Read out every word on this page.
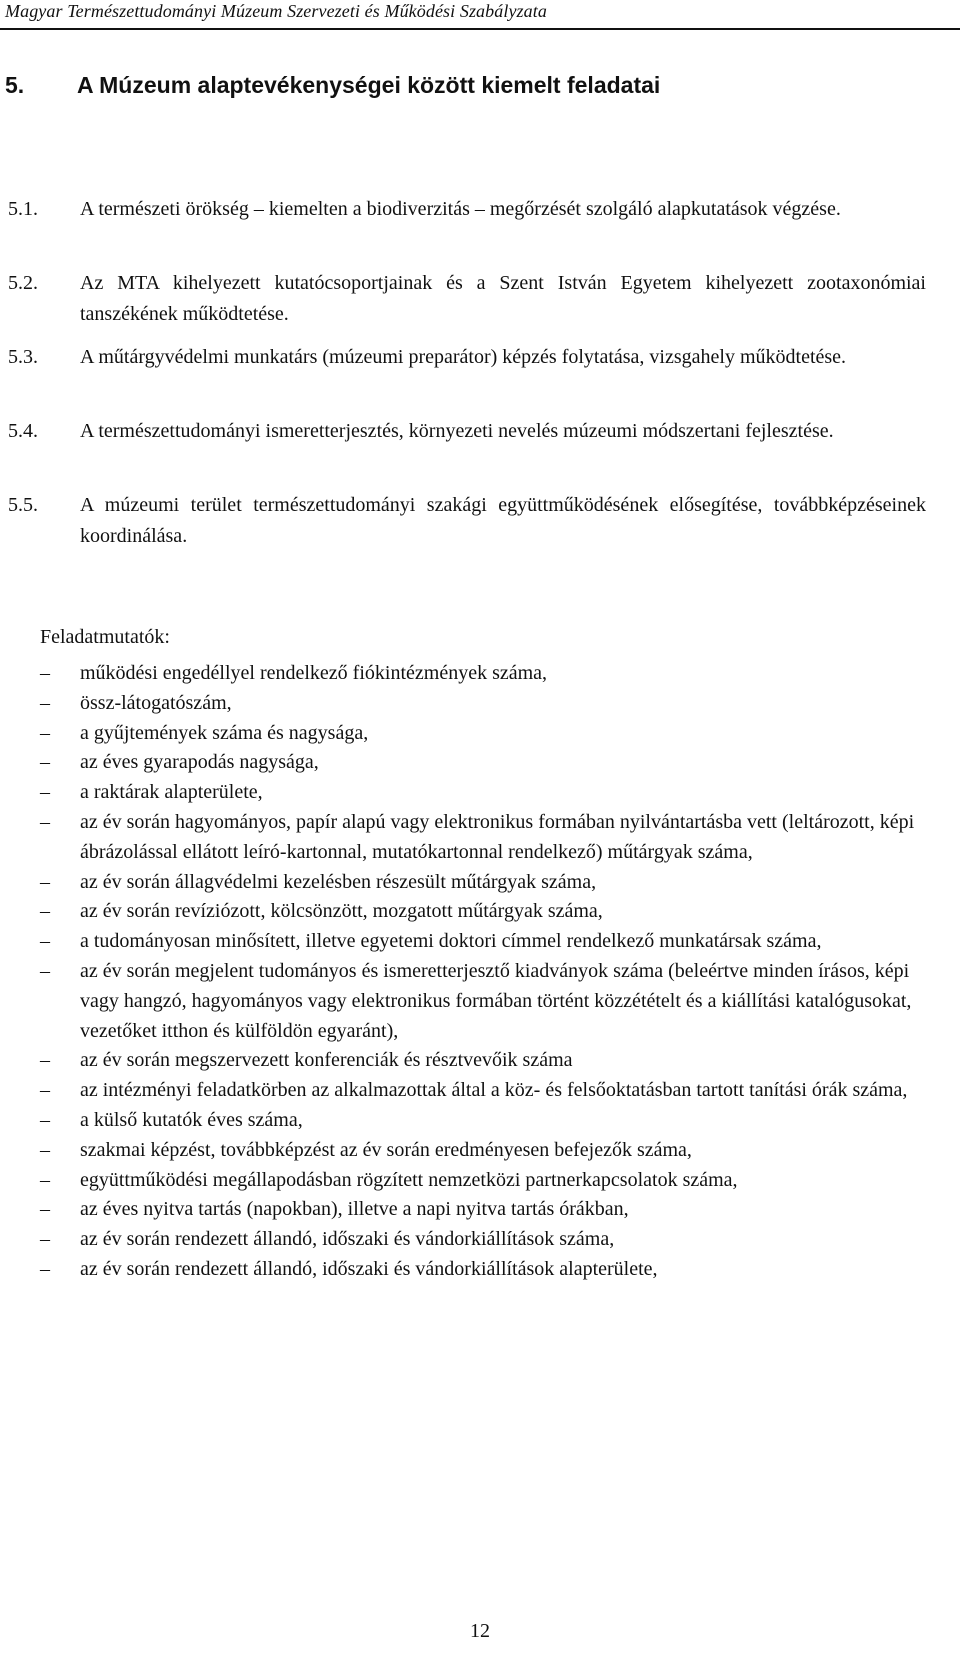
Magyar Természettudományi Múzeum Szervezeti és Működési Szabályzata
5. A Múzeum alaptevékenységei között kiemelt feladatai
5.1.	A természeti örökség – kiemelten a biodiverzitás – megőrzését szolgáló alapkutatások végzése.
5.2.	Az MTA kihelyezett kutatócsoportjainak és a Szent István Egyetem kihelyezett zootaxonómiai tanszékének működtetése.
5.3.	A műtárgyvédelmi munkatárs (múzeumi preparátor) képzés folytatása, vizsgahely működtetése.
5.4.	A természettudományi ismeretterjesztés, környezeti nevelés múzeumi módszertani fejlesztése.
5.5.	A múzeumi terület természettudományi szakági együttműködésének elősegítése, továbbképzéseinek koordinálása.
Feladatmutatók:
– működési engedéllyel rendelkező fiókintézmények száma,
– össz-látogatószám,
– a gyűjtemények száma és nagysága,
– az éves gyarapodás nagysága,
– a raktárak alapterülete,
– az év során hagyományos, papír alapú vagy elektronikus formában nyilvántartásba vett (leltározott, képi ábrázolással ellátott leíró-kartonnal, mutatókartonnal rendelkező) műtárgyak száma,
– az év során állagvédelmi kezelésben részesült műtárgyak száma,
– az év során revíziózott, kölcsönzött, mozgatott műtárgyak száma,
– a tudományosan minősített, illetve egyetemi doktori címmel rendelkező munkatársak száma,
– az év során megjelent tudományos és ismeretterjesztő kiadványok száma (beleértve minden írásos, képi vagy hangzó, hagyományos vagy elektronikus formában történt közzétételt és a kiállítási katalógusokat, vezetőket itthon és külföldön egyaránt),
– az év során megszervezett konferenciák és résztvevőik száma
– az intézményi feladatkörben az alkalmazottak által a köz- és felsőoktatásban tartott tanítási órák száma,
– a külső kutatók éves száma,
– szakmai képzést, továbbképzést az év során eredményesen befejezők száma,
– együttműködési megállapodásban rögzített nemzetközi partnerkapcsolatok száma,
– az éves nyitva tartás (napokban), illetve a napi nyitva tartás órákban,
– az év során rendezett állandó, időszaki és vándorkiállítások száma,
– az év során rendezett állandó, időszaki és vándorkiállítások alapterülete,
12
